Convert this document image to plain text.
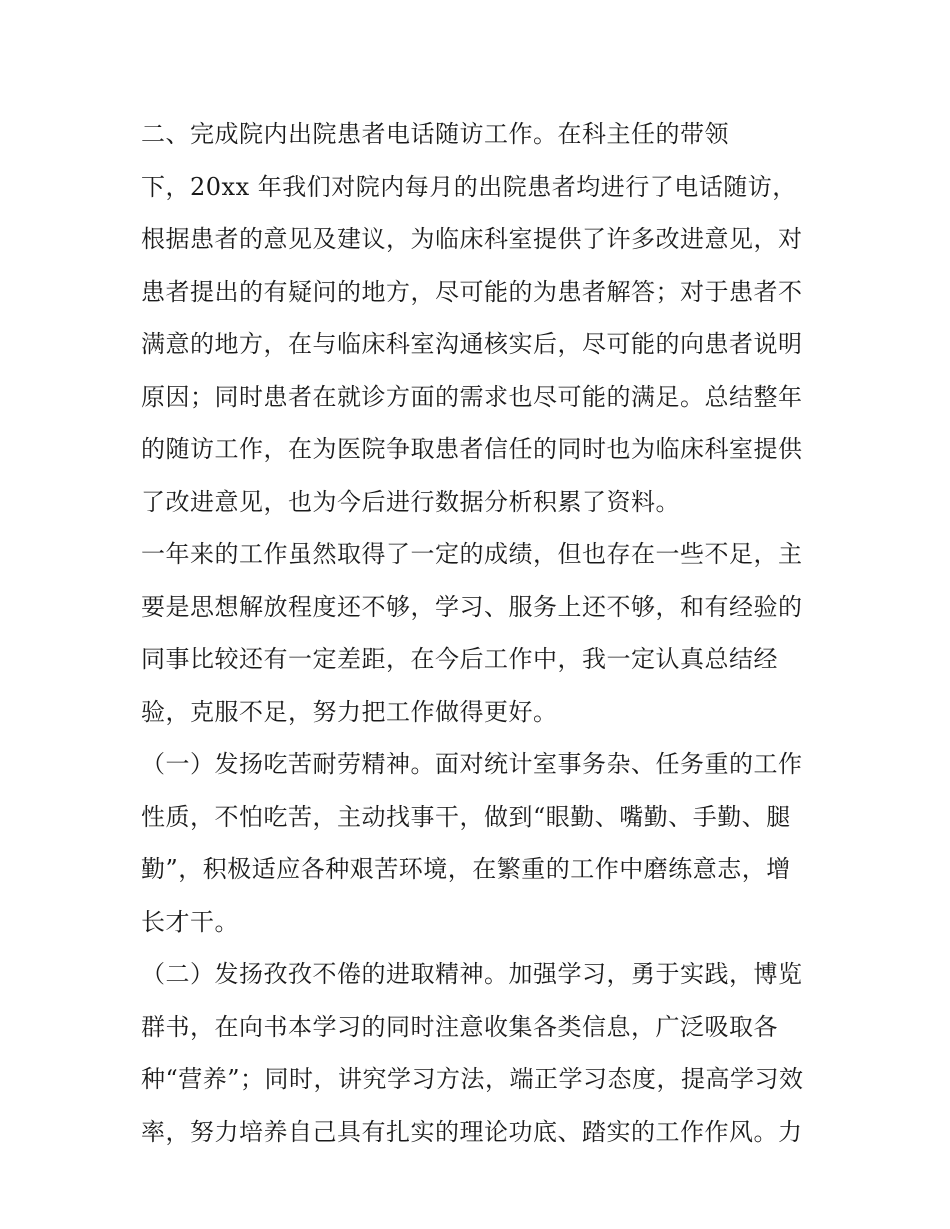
二、完成院内出院患者电话随访工作。在科主任的带领
下，20xx 年我们对院内每月的出院患者均进行了电话随访，
根据患者的意见及建议，为临床科室提供了许多改进意见，对
患者提出的有疑问的地方，尽可能的为患者解答；对于患者不
满意的地方，在与临床科室沟通核实后，尽可能的向患者说明
原因；同时患者在就诊方面的需求也尽可能的满足。总结整年
的随访工作，在为医院争取患者信任的同时也为临床科室提供
了改进意见，也为今后进行数据分析积累了资料。
一年来的工作虽然取得了一定的成绩，但也存在一些不足，主
要是思想解放程度还不够，学习、服务上还不够，和有经验的
同事比较还有一定差距，在今后工作中，我一定认真总结经
验，克服不足，努力把工作做得更好。
（一）发扬吃苦耐劳精神。面对统计室事务杂、任务重的工作
性质，不怕吃苦，主动找事干，做到“眼勤、嘴勤、手勤、腿
勤”，积极适应各种艰苦环境，在繁重的工作中磨练意志，增
长才干。
（二）发扬孜孜不倦的进取精神。加强学习，勇于实践，博览
群书，在向书本学习的同时注意收集各类信息，广泛吸取各
种“营养”；同时，讲究学习方法，端正学习态度，提高学习效
率，努力培养自己具有扎实的理论功底、踏实的工作作风。力
